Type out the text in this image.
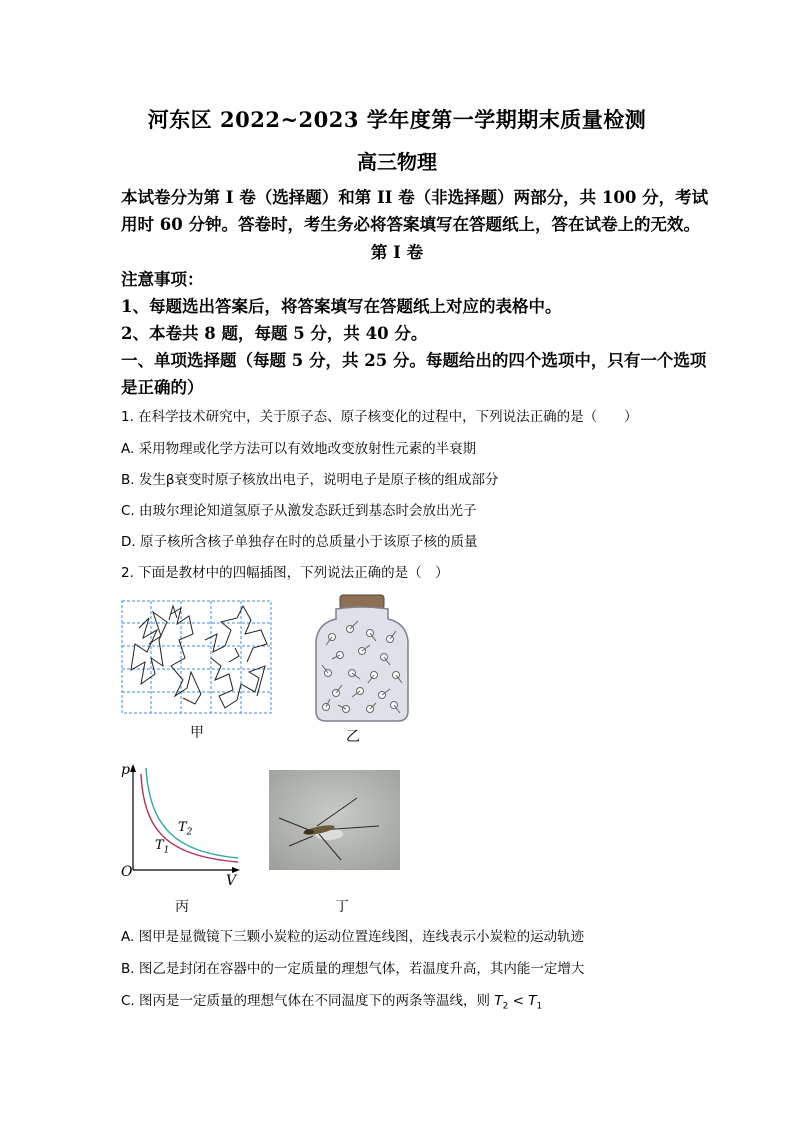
河东区 2022~2023 学年度第一学期期末质量检测
高三物理
本试卷分为第 I 卷（选择题）和第 II 卷（非选择题）两部分，共 100 分，考试
用时 60 分钟。答卷时，考生务必将答案填写在答题纸上，答在试卷上的无效。
第 I 卷
注意事项：
1、每题选出答案后，将答案填写在答题纸上对应的表格中。
2、本卷共 8 题，每题 5 分，共 40 分。
一、单项选择题（每题 5 分，共 25 分。每题给出的四个选项中，只有一个选项
是正确的）
1. 在科学技术研究中，关于原子态、原子核变化的过程中，下列说法正确的是（　　）
A. 采用物理或化学方法可以有效地改变放射性元素的半衰期
B. 发生β衰变时原子核放出电子，说明电子是原子核的组成部分
C. 由玻尔理论知道氢原子从激发态跃迁到基态时会放出光子
D. 原子核所含核子单独存在时的总质量小于该原子核的质量
2. 下面是教材中的四幅插图，下列说法正确的是（　）
甲	乙
p
V
O
$T_2$
$T_1$
丙	丁
A. 图甲是显微镜下三颗小炭粒的运动位置连线图，连线表示小炭粒的运动轨迹
B. 图乙是封闭在容器中的一定质量的理想气体，若温度升高，其内能一定增大
C. 图丙是一定质量的理想气体在不同温度下的两条等温线，则 $T_2 < T_1$
